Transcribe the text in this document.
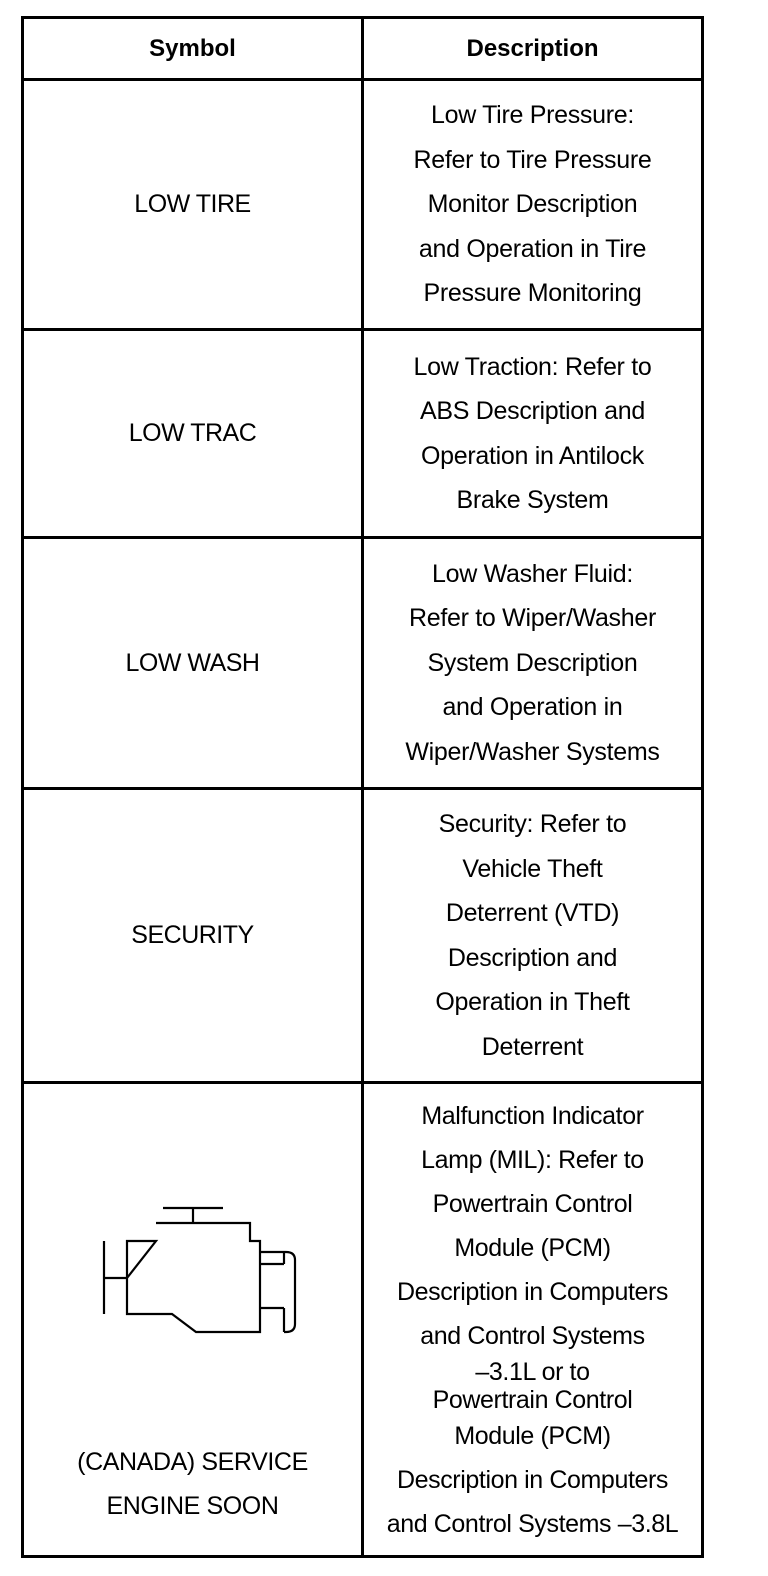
Symbol	Description
LOW TIRE
Low Tire Pressure:
Refer to Tire Pressure
Monitor Description
and Operation in Tire
Pressure Monitoring
LOW TRAC
Low Traction: Refer to
ABS Description and
Operation in Antilock
Brake System
LOW WASH
Low Washer Fluid:
Refer to Wiper/Washer
System Description
and Operation in
Wiper/Washer Systems
SECURITY
Security: Refer to
Vehicle Theft
Deterrent (VTD)
Description and
Operation in Theft
Deterrent
(CANADA) SERVICE
ENGINE SOON
Malfunction Indicator
Lamp (MIL): Refer to
Powertrain Control
Module (PCM)
Description in Computers
and Control Systems
–3.1L or to
Powertrain Control
Module (PCM)
Description in Computers
and Control Systems –3.8L
